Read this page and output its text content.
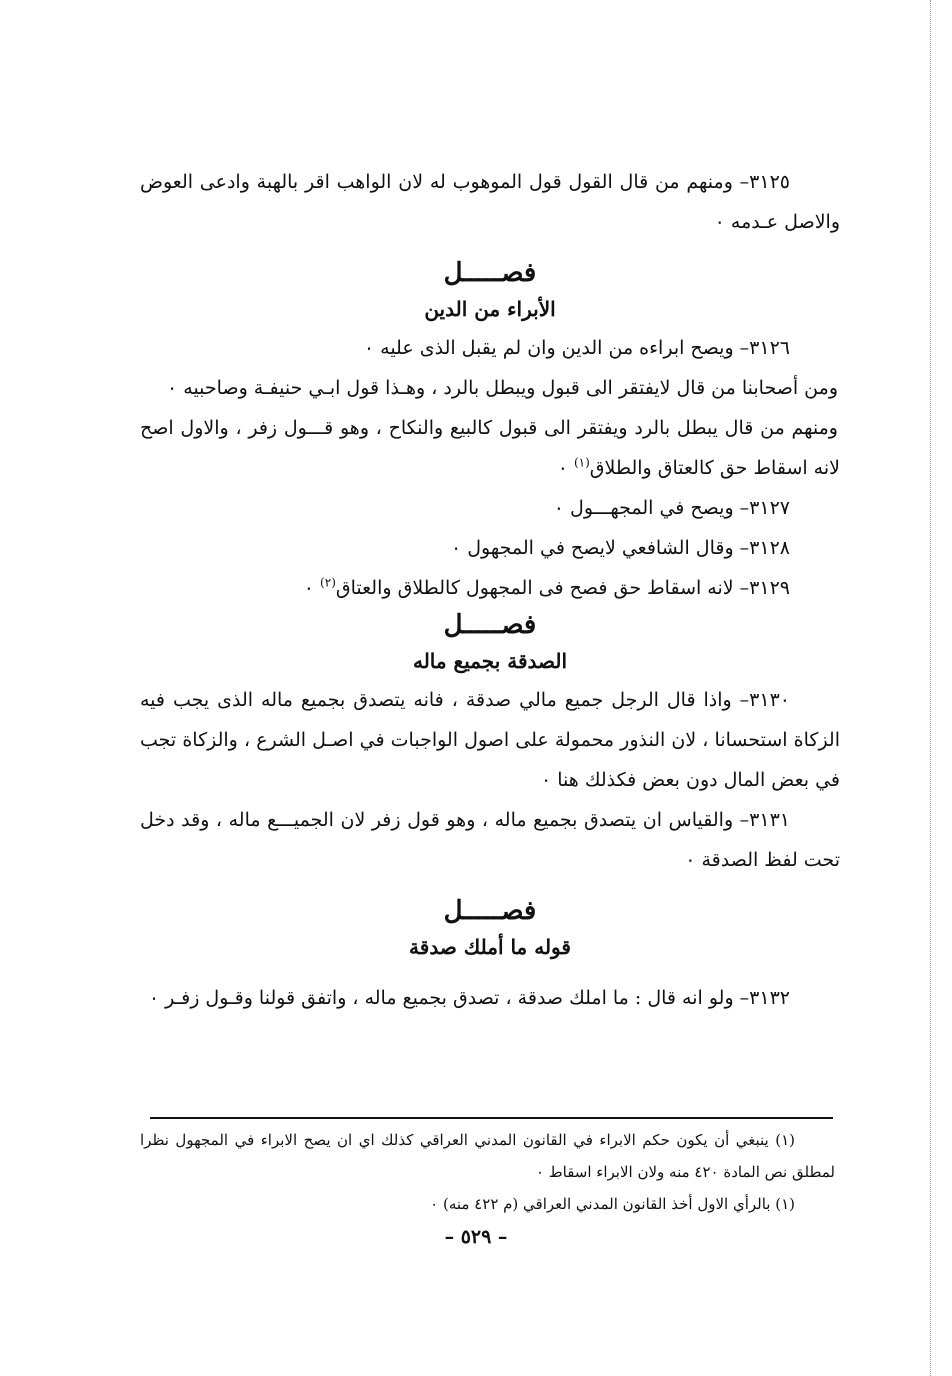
٣١٢٥– ومنهم من قال القول قول الموهوب له لان الواهب اقر بالهبة وادعى العوض والاصل عـدمه ٠

فصـــــل
الأبراء من الدين

٣١٢٦– ويصح ابراءه من الدين وان لم يقبل الذى عليه ٠

ومن أصحابنا من قال لايفتقر الى قبول ويبطل بالرد ، وهـذا قول ابـي حنيفـة وصاحبيه ٠

ومنهم من قال يبطل بالرد ويفتقر الى قبول كالبيع والنكاح ، وهو قـــول زفر ، والاول اصح لانه اسقاط حق كالعتاق والطلاق$^{(١)}$ ٠

٣١٢٧– ويصح في المجهـــول ٠

٣١٢٨– وقال الشافعي لايصح في المجهول ٠

٣١٢٩– لانه اسقاط حق فصح فى المجهول كالطلاق والعتاق$^{(٢)}$ ٠

فصـــــل
الصدقة بجميع ماله

٣١٣٠– واذا قال الرجل جميع مالي صدقة ، فانه يتصدق بجميع ماله الذى يجب فيه الزكاة استحسانا ، لان النذور محمولة على اصول الواجبات في اصـل الشرع ، والزكاة تجب في بعض المال دون بعض فكذلك هنا ٠

٣١٣١– والقياس ان يتصدق بجميع ماله ، وهو قول زفر لان الجميـــع ماله ، وقد دخل تحت لفظ الصدقة ٠

فصـــــل
قوله ما أملك صدقة

٣١٣٢– ولو انه قال : ما املك صدقة ، تصدق بجميع ماله ، واتفق قولنا وقـول زفـر ٠

(١) ينبغي أن يكون حكم الابراء في القانون المدني العراقي كذلك اي ان يصح الابراء في المجهول نظرا لمطلق نص المادة ٤٢٠ منه ولان الابراء اسقاط ٠

(١) بالرأي الاول أخذ القانون المدني العراقي (م ٤٢٢ منه) ٠

– ٥٢٩ –
